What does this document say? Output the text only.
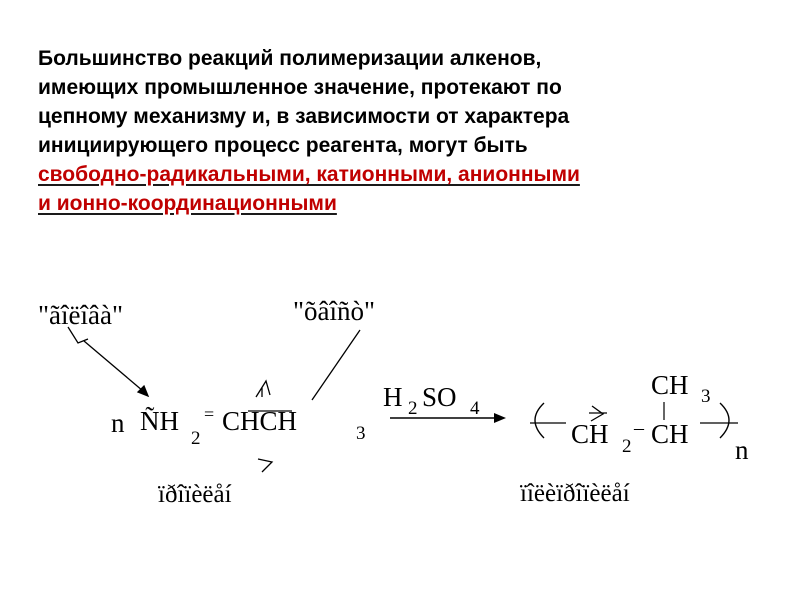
Большинство реакций полимеризации алкенов,
имеющих промышленное значение, протекают по
цепному механизму и, в зависимости от характера
инициирующего процесс реагента, могут быть
свободно-радикальными, катионными, анионными
и ионно-координационными
"ãîëîâà"	"õâîñò"
n ÑH
2
= CHCH	3
H 2 SO 4
CH 3
CH 2
– CH
n
ïðîïèëåí	ïîëèïðîïèëåí
